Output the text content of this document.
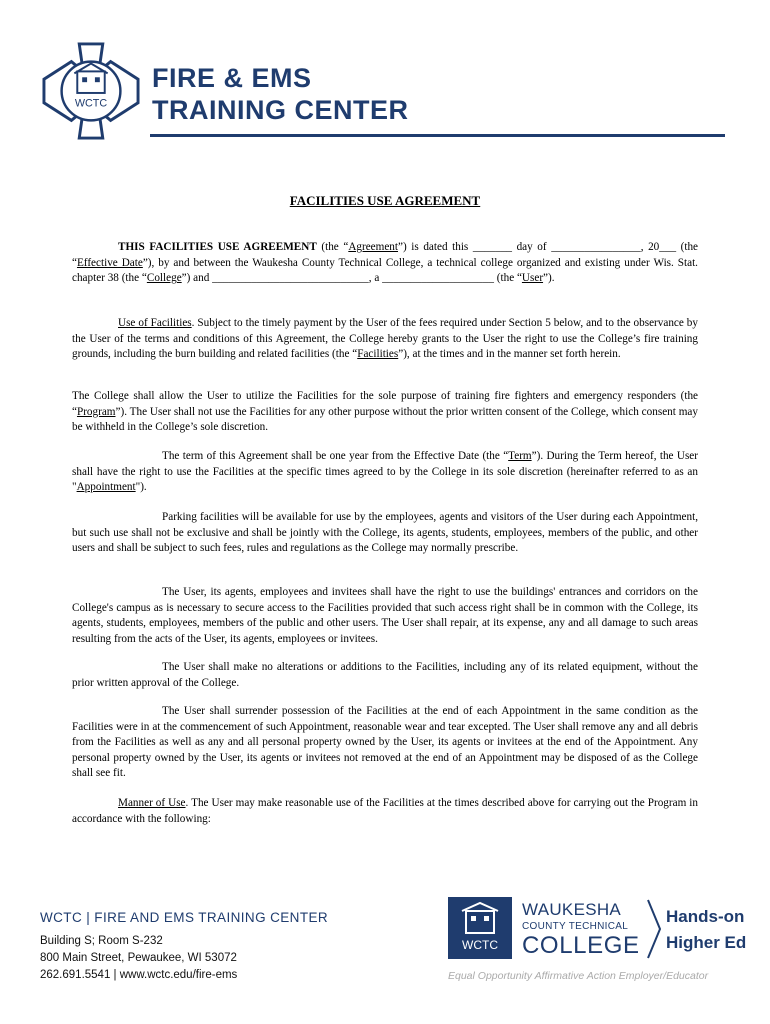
WCTC
FIRE & EMS
TRAINING CENTER
FACILITIES USE AGREEMENT

THIS FACILITIES USE AGREEMENT (the “Agreement”) is dated this _______ day of ________________, 20___ (the “Effective Date”), by and between the Waukesha County Technical College, a technical college organized and existing under Wis. Stat. chapter 38 (the “College”) and ____________________________, a ____________________ (the “User”).

Use of Facilities. Subject to the timely payment by the User of the fees required under Section 5 below, and to the observance by the User of the terms and conditions of this Agreement, the College hereby grants to the User the right to use the College’s fire training grounds, including the burn building and related facilities (the “Facilities”), at the times and in the manner set forth herein.

The College shall allow the User to utilize the Facilities for the sole purpose of training fire fighters and emergency responders (the “Program”). The User shall not use the Facilities for any other purpose without the prior written consent of the College, which consent may be withheld in the College’s sole discretion.

The term of this Agreement shall be one year from the Effective Date (the “Term”). During the Term hereof, the User shall have the right to use the Facilities at the specific times agreed to by the College in its sole discretion (hereinafter referred to as an "Appointment").

Parking facilities will be available for use by the employees, agents and visitors of the User during each Appointment, but such use shall not be exclusive and shall be jointly with the College, its agents, students, employees, members of the public, and other users and shall be subject to such fees, rules and regulations as the College may normally prescribe.

The User, its agents, employees and invitees shall have the right to use the buildings' entrances and corridors on the College's campus as is necessary to secure access to the Facilities provided that such access right shall be in common with the College, its agents, students, employees, members of the public and other users. The User shall repair, at its expense, any and all damage to such areas resulting from the acts of the User, its agents, employees or invitees.

The User shall make no alterations or additions to the Facilities, including any of its related equipment, without the prior written approval of the College.

The User shall surrender possession of the Facilities at the end of each Appointment in the same condition as the Facilities were in at the commencement of such Appointment, reasonable wear and tear excepted. The User shall remove any and all debris from the Facilities as well as any and all personal property owned by the User, its agents or invitees at the end of the Appointment. Any personal property owned by the User, its agents or invitees not removed at the end of an Appointment may be disposed of as the College shall see fit.

Manner of Use. The User may make reasonable use of the Facilities at the times described above for carrying out the Program in accordance with the following:

WCTC | FIRE AND EMS TRAINING CENTER
Building S; Room S-232
800 Main Street, Pewaukee, WI 53072
262.691.5541 | www.wctc.edu/fire-ems
WCTC
WAUKESHA
COUNTY TECHNICAL
COLLEGE
Hands-on
Higher Ed
Equal Opportunity Affirmative Action Employer/Educator
